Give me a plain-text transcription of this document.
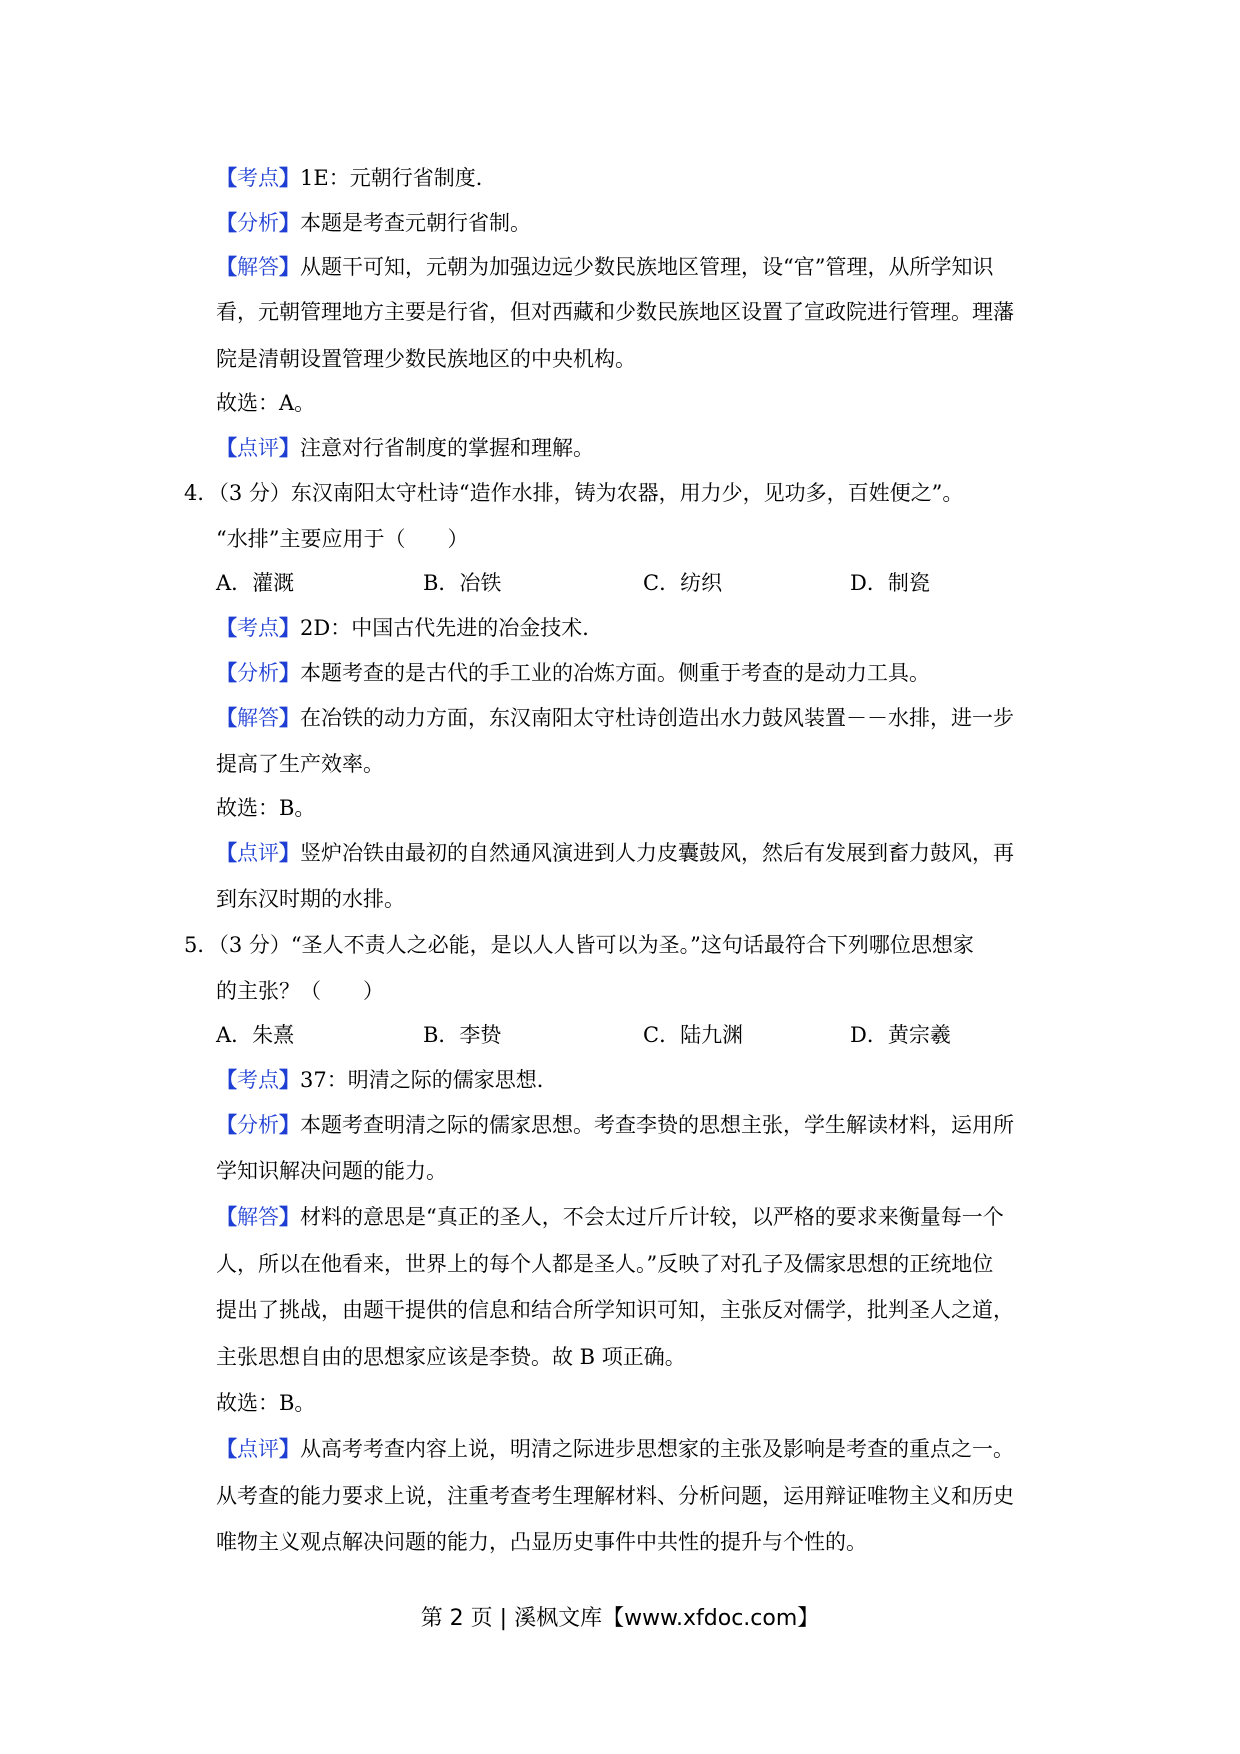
【考点】1E：元朝行省制度．
【分析】本题是考查元朝行省制。
【解答】从题干可知，元朝为加强边远少数民族地区管理，设“官”管理，从所学知识
看，元朝管理地方主要是行省，但对西藏和少数民族地区设置了宣政院进行管理。理藩
院是清朝设置管理少数民族地区的中央机构。
故选：A。
【点评】注意对行省制度的掌握和理解。
4．（3 分）东汉南阳太守杜诗“造作水排，铸为农器，用力少，见功多，百姓便之”。
“水排”主要应用于（　　）
A．灌溉	B．冶铁	C．纺织	D．制瓷
【考点】2D：中国古代先进的冶金技术．
【分析】本题考查的是古代的手工业的冶炼方面。侧重于考查的是动力工具。
【解答】在冶铁的动力方面，东汉南阳太守杜诗创造出水力鼓风装置－－水排，进一步
提高了生产效率。
故选：B。
【点评】竖炉冶铁由最初的自然通风演进到人力皮囊鼓风，然后有发展到畜力鼓风，再
到东汉时期的水排。
5．（3 分）“圣人不责人之必能，是以人人皆可以为圣。”这句话最符合下列哪位思想家
的主张？（　　）
A．朱熹	B．李贽	C．陆九渊	D．黄宗羲
【考点】37：明清之际的儒家思想．
【分析】本题考查明清之际的儒家思想。考查李贽的思想主张，学生解读材料，运用所
学知识解决问题的能力。
【解答】材料的意思是“真正的圣人，不会太过斤斤计较，以严格的要求来衡量每一个
人，所以在他看来，世界上的每个人都是圣人。”反映了对孔子及儒家思想的正统地位
提出了挑战，由题干提供的信息和结合所学知识可知，主张反对儒学，批判圣人之道，
主张思想自由的思想家应该是李贽。故 B 项正确。
故选：B。
【点评】从高考考查内容上说，明清之际进步思想家的主张及影响是考查的重点之一。
从考查的能力要求上说，注重考查考生理解材料、分析问题，运用辩证唯物主义和历史
唯物主义观点解决问题的能力，凸显历史事件中共性的提升与个性的。
第 2 页 | 溪枫文库【www.xfdoc.com】
